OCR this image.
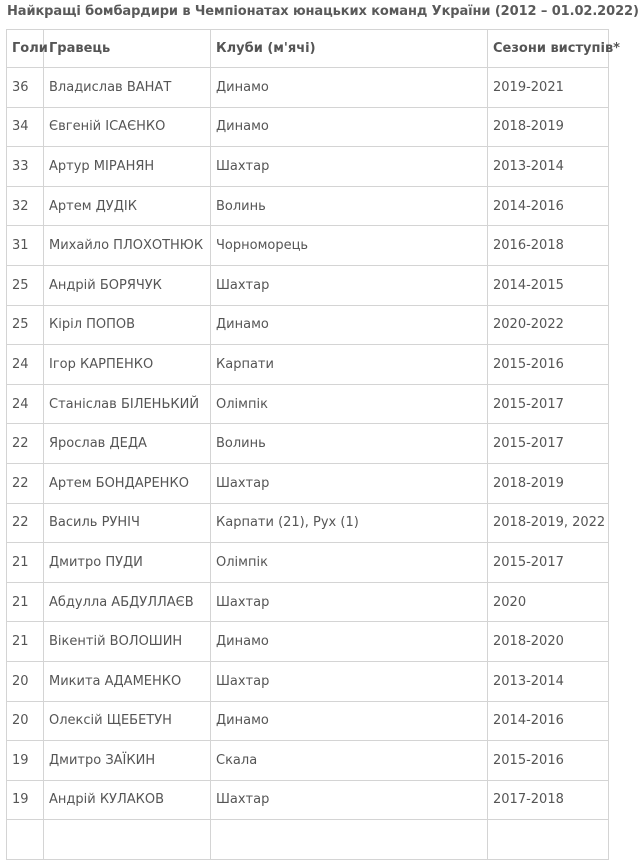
Найкращі бомбардири в Чемпіонатах юнацьких команд України (2012 – 01.02.2022)
Голи	Гравець	Клуби (м'ячі)	Сезони виступів*
36	Владислав ВАНАТ	Динамо	2019-2021
34	Євгеній ІСАЄНКО	Динамо	2018-2019
33	Артур МІРАНЯН	Шахтар	2013-2014
32	Артем ДУДІК	Волинь	2014-2016
31	Михайло ПЛОХОТНЮК	Чорноморець	2016-2018
25	Андрій БОРЯЧУК	Шахтар	2014-2015
25	Кіріл ПОПОВ	Динамо	2020-2022
24	Ігор КАРПЕНКО	Карпати	2015-2016
24	Станіслав БІЛЕНЬКИЙ	Олімпік	2015-2017
22	Ярослав ДЕДА	Волинь	2015-2017
22	Артем БОНДАРЕНКО	Шахтар	2018-2019
22	Василь РУНІЧ	Карпати (21), Рух (1)	2018-2019, 2022
21	Дмитро ПУДИ	Олімпік	2015-2017
21	Абдулла АБДУЛЛАЄВ	Шахтар	2020
21	Вікентій ВОЛОШИН	Динамо	2018-2020
20	Микита АДАМЕНКО	Шахтар	2013-2014
20	Олексій ЩЕБЕТУН	Динамо	2014-2016
19	Дмитро ЗАЇКИН	Скала	2015-2016
19	Андрій КУЛАКОВ	Шахтар	2017-2018
